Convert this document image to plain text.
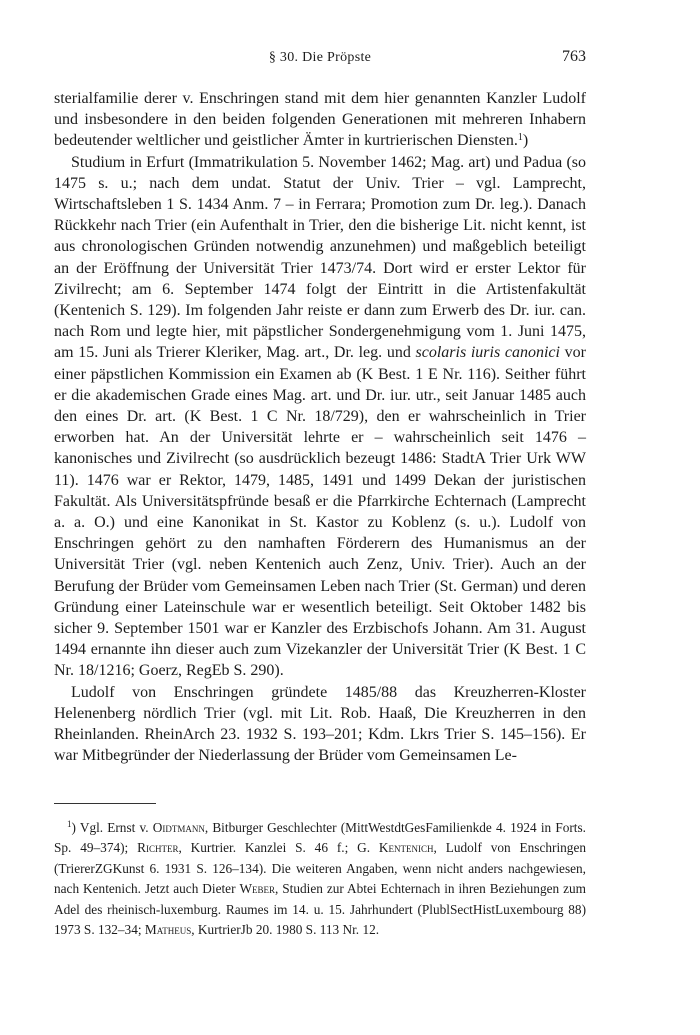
§ 30. Die Pröpste	763

sterialfamilie derer v. Enschringen stand mit dem hier genannten Kanzler Ludolf und insbesondere in den beiden folgenden Generationen mit mehreren Inhabern bedeutender weltlicher und geistlicher Ämter in kurtrierischen Diensten.$^1$)

Studium in Erfurt (Immatrikulation 5. November 1462; Mag. art) und Padua (so 1475 s. u.; nach dem undat. Statut der Univ. Trier – vgl. Lamprecht, Wirtschaftsleben 1 S. 1434 Anm. 7 – in Ferrara; Promotion zum Dr. leg.). Danach Rückkehr nach Trier (ein Aufenthalt in Trier, den die bisherige Lit. nicht kennt, ist aus chronologischen Gründen notwendig anzunehmen) und maßgeblich beteiligt an der Eröffnung der Universität Trier 1473/74. Dort wird er erster Lektor für Zivilrecht; am 6. September 1474 folgt der Eintritt in die Artistenfakultät (Kentenich S. 129). Im folgenden Jahr reiste er dann zum Erwerb des Dr. iur. can. nach Rom und legte hier, mit päpstlicher Sondergenehmigung vom 1. Juni 1475, am 15. Juni als Trierer Kleriker, Mag. art., Dr. leg. und scolaris iuris canonici vor einer päpstlichen Kommission ein Examen ab (K Best. 1 E Nr. 116). Seither führt er die akademischen Grade eines Mag. art. und Dr. iur. utr., seit Januar 1485 auch den eines Dr. art. (K Best. 1 C Nr. 18/729), den er wahrscheinlich in Trier erworben hat. An der Universität lehrte er – wahrscheinlich seit 1476 – kanonisches und Zivilrecht (so ausdrücklich bezeugt 1486: StadtA Trier Urk WW 11). 1476 war er Rektor, 1479, 1485, 1491 und 1499 Dekan der juristischen Fakultät. Als Universitätspfründe besaß er die Pfarrkirche Echternach (Lamprecht a. a. O.) und eine Kanonikat in St. Kastor zu Koblenz (s. u.). Ludolf von Enschringen gehört zu den namhaften Förderern des Humanismus an der Universität Trier (vgl. neben Kentenich auch Zenz, Univ. Trier). Auch an der Berufung der Brüder vom Gemeinsamen Leben nach Trier (St. German) und deren Gründung einer Lateinschule war er wesentlich beteiligt. Seit Oktober 1482 bis sicher 9. September 1501 war er Kanzler des Erzbischofs Johann. Am 31. August 1494 ernannte ihn dieser auch zum Vizekanzler der Universität Trier (K Best. 1 C Nr. 18/1216; Goerz, RegEb S. 290).

Ludolf von Enschringen gründete 1485/88 das Kreuzherren-Kloster Helenenberg nördlich Trier (vgl. mit Lit. Rob. Haaß, Die Kreuzherren in den Rheinlanden. RheinArch 23. 1932 S. 193–201; Kdm. Lkrs Trier S. 145–156). Er war Mitbegründer der Niederlassung der Brüder vom Gemeinsamen Le-

$^1$) Vgl. Ernst v. Oidtmann, Bitburger Geschlechter (MittWestdtGesFamilienkde 4. 1924 in Forts. Sp. 49–374); Richter, Kurtrier. Kanzlei S. 46 f.; G. Kentenich, Ludolf von Enschringen (TriererZGKunst 6. 1931 S. 126–134). Die weiteren Angaben, wenn nicht anders nachgewiesen, nach Kentenich. Jetzt auch Dieter Weber, Studien zur Abtei Echternach in ihren Beziehungen zum Adel des rheinisch-luxemburg. Raumes im 14. u. 15. Jahrhundert (PlublSectHistLuxembourg 88) 1973 S. 132–34; Matheus, KurtrierJb 20. 1980 S. 113 Nr. 12.
